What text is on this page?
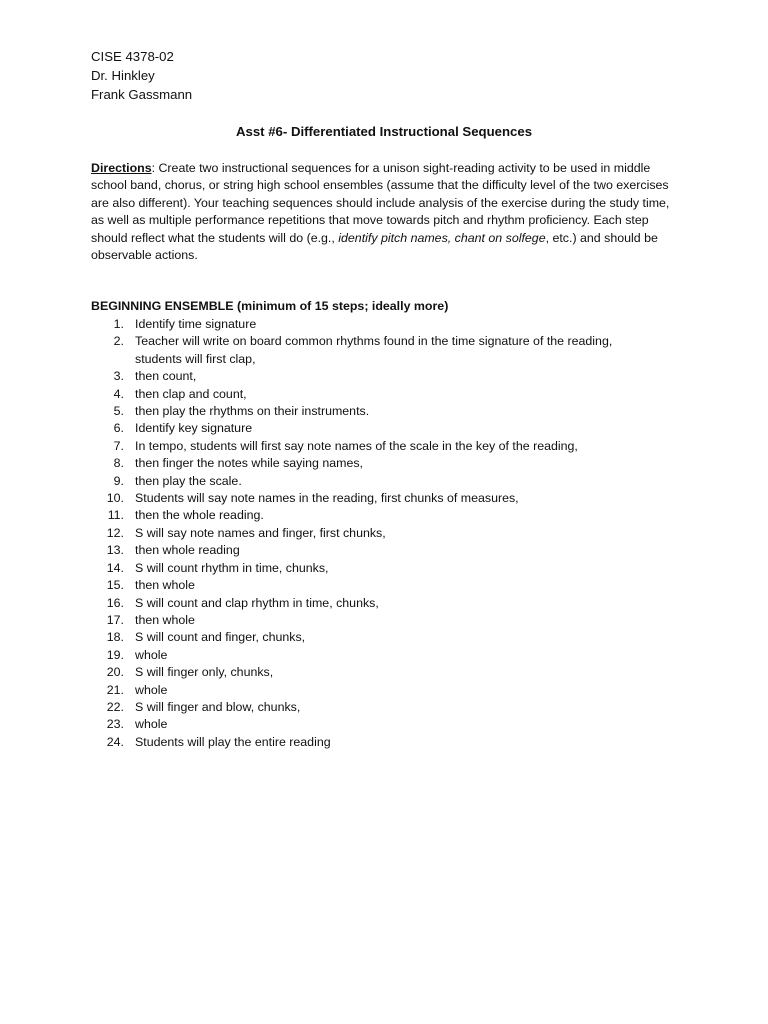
CISE 4378-02
Dr. Hinkley
Frank Gassmann
Asst #6- Differentiated Instructional Sequences
Directions: Create two instructional sequences for a unison sight-reading activity to be used in middle school band, chorus, or string high school ensembles (assume that the difficulty level of the two exercises are also different). Your teaching sequences should include analysis of the exercise during the study time, as well as multiple performance repetitions that move towards pitch and rhythm proficiency. Each step should reflect what the students will do (e.g., identify pitch names, chant on solfege, etc.) and should be observable actions.
BEGINNING ENSEMBLE (minimum of 15 steps; ideally more)
1. Identify time signature
2. Teacher will write on board common rhythms found in the time signature of the reading, students will first clap,
3. then count,
4. then clap and count,
5. then play the rhythms on their instruments.
6. Identify key signature
7. In tempo, students will first say note names of the scale in the key of the reading,
8. then finger the notes while saying names,
9. then play the scale.
10. Students will say note names in the reading, first chunks of measures,
11. then the whole reading.
12. S will say note names and finger, first chunks,
13. then whole reading
14. S will count rhythm in time, chunks,
15. then whole
16. S will count and clap rhythm in time, chunks,
17. then whole
18. S will count and finger, chunks,
19. whole
20. S will finger only, chunks,
21. whole
22. S will finger and blow, chunks,
23. whole
24. Students will play the entire reading
